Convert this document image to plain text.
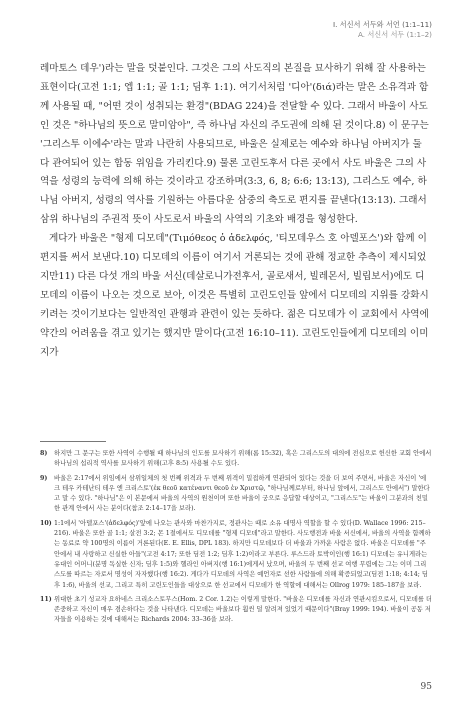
I. 서신서 서두와 서언 (1:1–11)
A. 서신서 서두 (1:1–2)

레마토스 데우')라는 말을 덧붙인다. 그것은 그의 사도직의 본질을 묘사하기 위해 잘 사용하는 표현이다(고전 1:1; 엡 1:1; 골 1:1; 딤후 1:1). 여기서처럼 '디아'(διά)라는 말은 소유격과 함께 사용될 때, "어떤 것이 성취되는 환경"(BDAG 224)을 전달할 수 있다. 그래서 바울이 사도인 것은 "하나님의 뜻으로 말미암아", 즉 하나님 자신의 주도권에 의해 된 것이다.8) 이 문구는 '그리스투 이에수'라는 말과 나란히 사용되므로, 바울은 실제로는 예수와 하나님 아버지가 둘 다 관여되어 있는 합동 위임을 가리킨다.9) 물론 고린도후서 다른 곳에서 사도 바울은 그의 사역을 성령의 능력에 의해 하는 것이라고 강조하며(3:3, 6, 8; 6:6; 13:13), 그리스도 예수, 하나님 아버지, 성령의 역사를 기원하는 아름다운 삼중의 축도로 편지를 끝낸다(13:13). 그래서 삼위 하나님의 주권적 뜻이 사도로서 바울의 사역의 기초와 배경을 형성한다.

게다가 바울은 "형제 디모데"(Τιμόθεος ὁ ἀδελφός, '티모데우스 호 아델포스')와 함께 이 편지를 써서 보낸다.10) 디모데의 이름이 여기서 거론되는 것에 관해 정교한 추측이 제시되었지만11) 다른 다섯 개의 바울 서신(데살로니가전후서, 골로새서, 빌레몬서, 빌립보서)에도 디모데의 이름이 나오는 것으로 보아, 이것은 특별히 고린도인들 앞에서 디모데의 지위를 강화시키려는 것이기보다는 일반적인 관행과 관련이 있는 듯하다. 젊은 디모데가 이 교회에서 사역에 약간의 어려움을 겪고 있기는 했지만 말이다(고전 16:10–11). 고린도인들에게 디모데의 이미지가

8)	하지만 그 문구는 또한 사역이 수행될 때 하나님의 인도를 묘사하기 위해(롬 15:32), 혹은 그리스도의 대의에 전심으로 헌신한 교회 안에서 하나님의 섭리적 역사를 묘사하기 위해(고후 8:5) 사용될 수도 있다.
9)	바울은 2:17에서 위임에서 삼위일체의 첫 번째 위격과 두 번째 위격이 밀접하게 연관되어 있다는 것을 더 보여 주면서, 바울은 자신이 '에크 테우 카테난티 테우 엔 크리스토'(ἐκ θεοῦ κατέναντι θεοῦ ἐν Χριστῷ, "하나님께로부터, 하나님 앞에서, 그리스도 안에서") 말한다고 말 수 있다. "하나님"은 이 본문에서 바울의 사역의 원천이며 또한 바울이 궁으로 응답할 대상이고, "그리스도"는 바울이 그분과의 친밀한 관계 안에서 사는 분이다(참조 2:14–17을 보라).
10) 1:1에서 '아델포스'(ἀδελφός)'앞에 나오는 관사와 마찬가지로, 정관사는 때로 소유 대명사 역할을 할 수 있다(D. Wallace 1996: 215–216). 바울은 또한 골 1:1; 살전 3:2; 몬 1절에서도 디모데를 "형제 디모데"라고 말한다. 사도행전과 바울 서신에서, 바울의 사역을 함께하는 동료로 약 100명의 이름이 거론된다(E. E. Ellis, DPL 183). 하지만 디모데보다 더 바울과 가까운 사람은 없다. 바울은 디모데를 "주 안에서 내 사랑하고 신실한 아들"(고전 4:17; 또한 딤전 1:2; 딤후 1:2)이라고 부른다. 루스드라 토박이인(행 16:1) 디모데는 유니게라는 유대인 어머니(분명 독실한 신자; 딤후 1:5)와 헬라인 아버지(행 16:1)에게서 났으며, 바울의 두 번째 선교 여행 무렵에는 그는 이미 그리스도를 따르는 자로서 명성이 자자했다(행 16:2). 게다가 디모데의 사역은 예언자로 선한 사람들에 의해 확증되었고(딤전 1:18; 4:14; 딤후 1:6), 바울의 선교, 그리고 특히 고린도인들을 대상으로 한 선교에서 디모데가 한 역할에 대해서는 Ollrog 1979: 185–187을 보라.
11) 위대한 초기 성교자 요하네스 크리소스토무스(Hom. 2 Cor. 1.2)는 이렇게 말한다. "바울은 디모데를 자신과 연관시킴으로서, 디모데를 더 존중하고 자신이 매우 겸손하다는 것을 나타낸다. 디모데는 바울보다 훨씬 덜 알려져 있었기 때문이다"(Bray 1999: 194). 바울이 공동 저자들을 이용하는 것에 대해서는 Richards 2004: 33–36을 보라.
95
